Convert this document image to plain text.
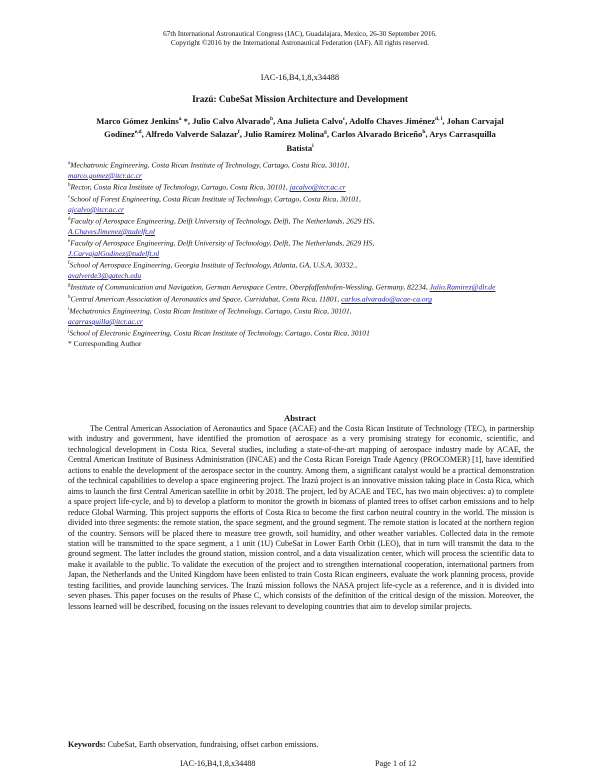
67th International Astronautical Congress (IAC), Guadalajara, Mexico, 26-30 September 2016.
Copyright ©2016 by the International Astronautical Federation (IAF). All rights reserved.
IAC-16,B4,1,8,x34488
Irazú: CubeSat Mission Architecture and Development
Marco Gómez Jenkins$^a$ *, Julio Calvo Alvarado$^b$, Ana Julieta Calvo$^c$, Adolfo Chaves Jiménez$^{d, l}$, Johan Carvajal Godínez$^{e,d}$, Alfredo Valverde Salazar$^f$, Julio Ramírez Molina$^g$, Carlos Alvarado Briceño$^h$, Arys Carrasquilla Batista$^i$

$^a$Mechatronic Engineering, Costa Rican Institute of Technology, Cartago, Costa Rica, 30101,
marco.gomez@itcr.ac.cr

$^b$Rector, Costa Rica Institute of Technology, Cartago, Costa Rica, 30101, jacalvo@itcr.ac.cr

$^c$School of Forest Engineering, Costa Rican Institute of Technology, Cartago, Costa Rica, 30101,
ajcalvo@itcr.ac.cr

$^d$Faculty of Aerospace Engineering, Delft University of Technology, Delft, The Netherlands, 2629 HS,
A.ChavesJimenez@tudelft.nl

$^e$Faculty of Aerospace Engineering, Delft University of Technology, Delft, The Netherlands, 2629 HS,
J.CarvajalGodinez@tudelft.nl

$^f$School of Aerospace Engineering, Georgia Institute of Technology, Atlanta, GA, U.S.A, 30332.,
avalverde3@gatech.edu

$^g$Institute of Communication and Navigation, German Aerospace Centre, Oberpfaffenhofen-Wessling, Germany, 82234, Julio.Ramirez@dlr.de

$^h$Central American Association of Aeronautics and Space, Curridabat, Costa Rica, 11801, carlos.alvarado@acae-ca.org

$^i$Mechatronics Engineering, Costa Rican Institute of Technology, Cartago, Costa Rica, 30101,
acarrasquilla@itcr.ac.cr

$^j$School of Electronic Engineering, Costa Rican Institute of Technology, Cartago, Costa Rica, 30101

* Corresponding Author

Abstract

The Central American Association of Aeronautics and Space (ACAE) and the Costa Rican Institute of Technology (TEC), in partnership with industry and government, have identified the promotion of aerospace as a very promising strategy for economic, scientific, and technological development in Costa Rica. Several studies, including a state-of-the-art mapping of aerospace industry made by ACAE, the Central American Institute of Business Administration (INCAE) and the Costa Rican Foreign Trade Agency (PROCOMER) [1], have identified actions to enable the development of the aerospace sector in the country. Among them, a significant catalyst would be a practical demonstration of the technical capabilities to develop a space engineering project. The Irazú project is an innovative mission taking place in Costa Rica, which aims to launch the first Central American satellite in orbit by 2018. The project, led by ACAE and TEC, has two main objectives: a) to complete a space project life-cycle, and b) to develop a platform to monitor the growth in biomass of planted trees to offset carbon emissions and to help reduce Global Warming. This project supports the efforts of Costa Rica to become the first carbon neutral country in the world. The mission is divided into three segments: the remote station, the space segment, and the ground segment. The remote station is located at the northern region of the country. Sensors will be placed there to measure tree growth, soil humidity, and other weather variables. Collected data in the remote station will be transmitted to the space segment, a 1 unit (1U) CubeSat in Lower Earth Orbit (LEO), that in turn will transmit the data to the ground segment. The latter includes the ground station, mission control, and a data visualization center, which will process the scientific data to make it available to the public. To validate the execution of the project and to strengthen international cooperation, international partners from Japan, the Netherlands and the United Kingdom have been enlisted to train Costa Rican engineers, evaluate the work planning process, provide testing facilities, and provide launching services. The Irazú mission follows the NASA project life-cycle as a reference, and it is divided into seven phases. This paper focuses on the results of Phase C, which consists of the definition of the critical design of the mission. Moreover, the lessons learned will be described, focusing on the issues relevant to developing countries that aim to develop similar projects.

Keywords: CubeSat, Earth observation, fundraising, offset carbon emissions.
IAC-16,B4,1,8,x34488	Page 1 of 12
